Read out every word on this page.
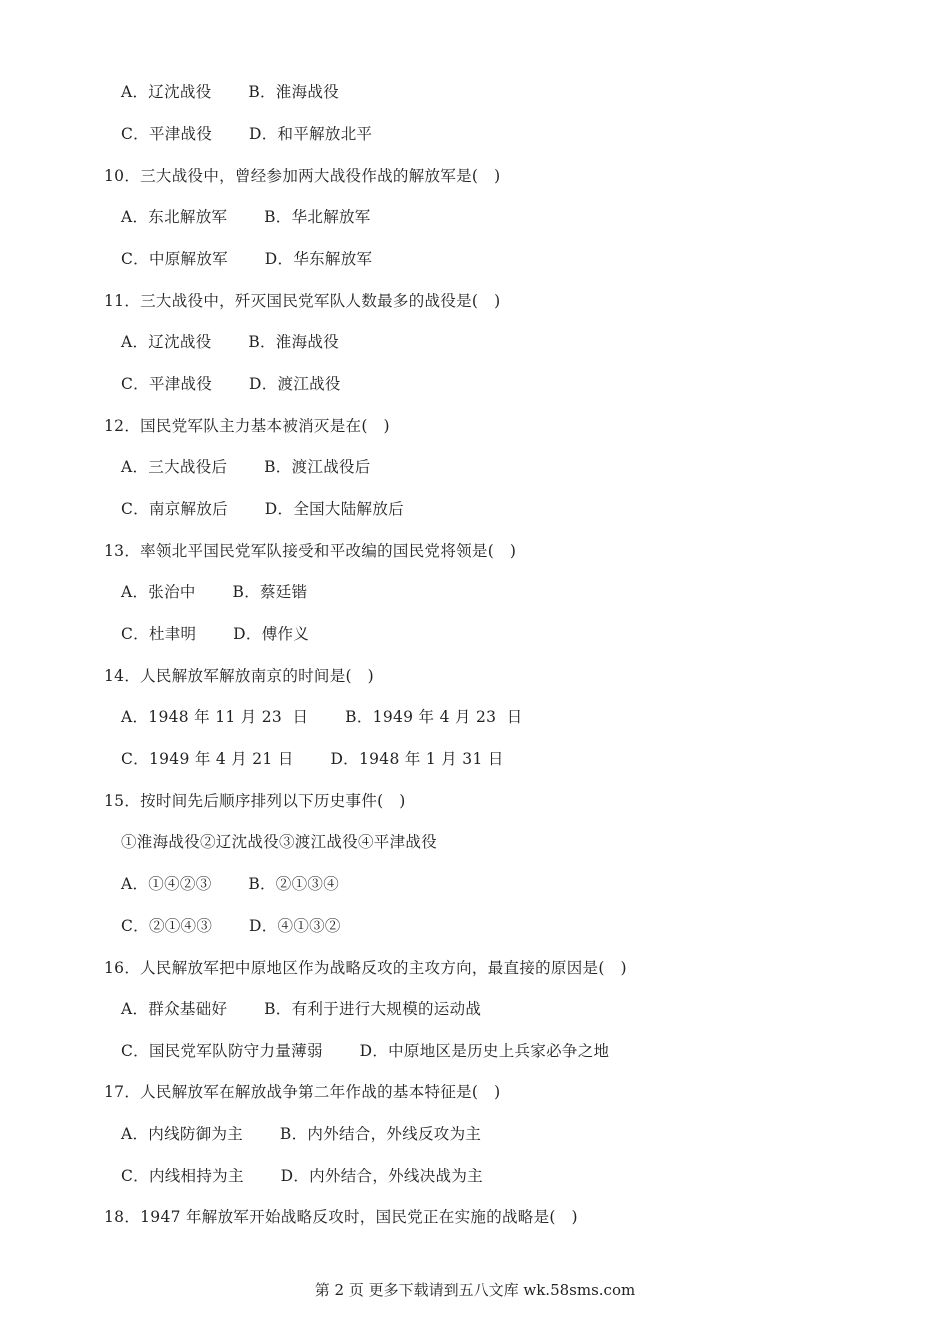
A．辽沈战役　　 B．淮海战役
C．平津战役　　 D．和平解放北平
10．三大战役中，曾经参加两大战役作战的解放军是(　)
A．东北解放军　　 B．华北解放军
C．中原解放军　　 D．华东解放军
11．三大战役中，歼灭国民党军队人数最多的战役是(　)
A．辽沈战役　　 B．淮海战役
C．平津战役　　 D．渡江战役
12．国民党军队主力基本被消灭是在(　)
A．三大战役后　　 B．渡江战役后
C．南京解放后　　 D．全国大陆解放后
13．率领北平国民党军队接受和平改编的国民党将领是(　)
A．张治中　　 B．蔡廷锴
C．杜聿明　　 D．傅作义
14．人民解放军解放南京的时间是(　)
A．1948 年 11 月 23  日　　 B．1949 年 4 月 23  日
C．1949 年 4 月 21 日　　 D．1948 年 1 月 31 日
15．按时间先后顺序排列以下历史事件(　)
①淮海战役②辽沈战役③渡江战役④平津战役
A．①④②③　　 B．②①③④
C．②①④③　　 D．④①③②
16．人民解放军把中原地区作为战略反攻的主攻方向，最直接的原因是(　)
A．群众基础好　　 B．有利于进行大规模的运动战
C．国民党军队防守力量薄弱　　 D．中原地区是历史上兵家必争之地
17．人民解放军在解放战争第二年作战的基本特征是(　)
A．内线防御为主　　 B．内外结合，外线反攻为主
C．内线相持为主　　 D．内外结合，外线决战为主
18．1947 年解放军开始战略反攻时，国民党正在实施的战略是(　)
第 2 页 更多下载请到五八文库 wk.58sms.com
